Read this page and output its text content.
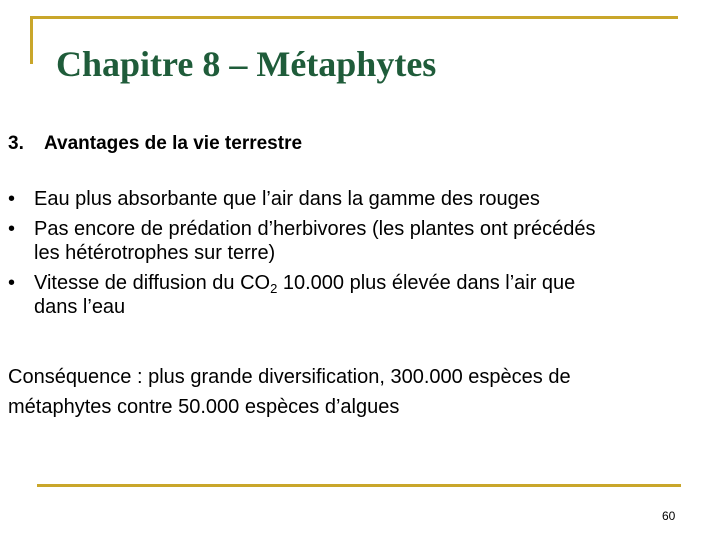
Chapitre 8 – Métaphytes
3. Avantages de la vie terrestre
• Eau plus absorbante que l’air dans la gamme des rouges
• Pas encore de prédation d’herbivores (les plantes ont précédés
les hétérotrophes sur terre)
• Vitesse de diffusion du $CO_2$ 10.000 plus élevée dans l’air que
dans l’eau

Conséquence : plus grande diversification, 300.000 espèces de
métaphytes contre 50.000 espèces d’algues

60
